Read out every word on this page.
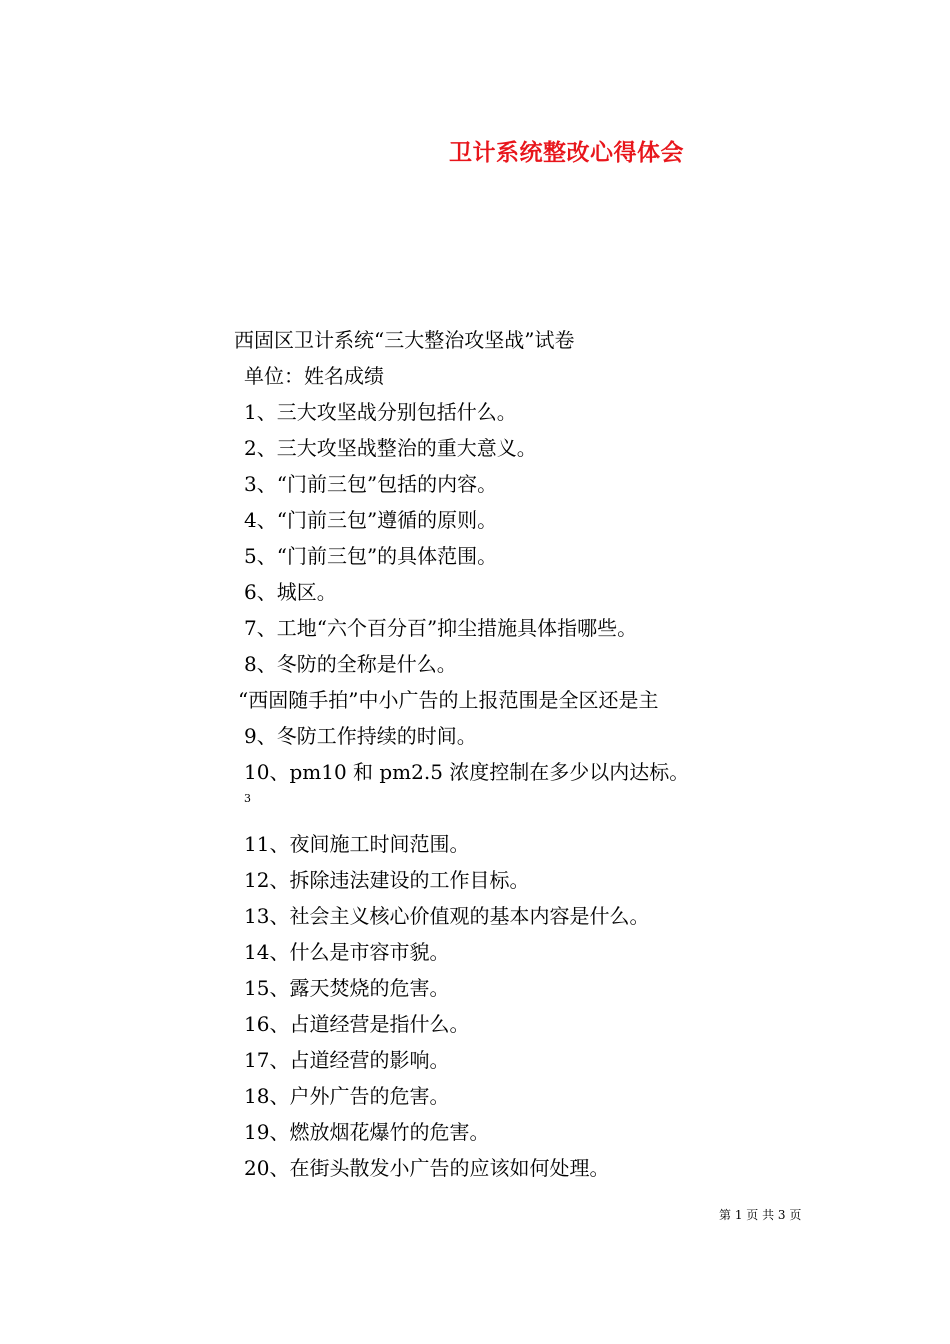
卫计系统整改心得体会
西固区卫计系统“三大整治攻坚战”试卷
单位：姓名成绩
1、三大攻坚战分别包括什么。
2、三大攻坚战整治的重大意义。
3、“门前三包”包括的内容。
4、“门前三包”遵循的原则。
5、“门前三包”的具体范围。
6、城区。
7、工地“六个百分百”抑尘措施具体指哪些。
8、冬防的全称是什么。
“西固随手拍”中小广告的上报范围是全区还是主
9、冬防工作持续的时间。
10、pm10 和 pm2.5 浓度控制在多少以内达标。
3
11、夜间施工时间范围。
12、拆除违法建设的工作目标。
13、社会主义核心价值观的基本内容是什么。
14、什么是市容市貌。
15、露天焚烧的危害。
16、占道经营是指什么。
17、占道经营的影响。
18、户外广告的危害。
19、燃放烟花爆竹的危害。
20、在街头散发小广告的应该如何处理。
第 1 页 共 3 页
